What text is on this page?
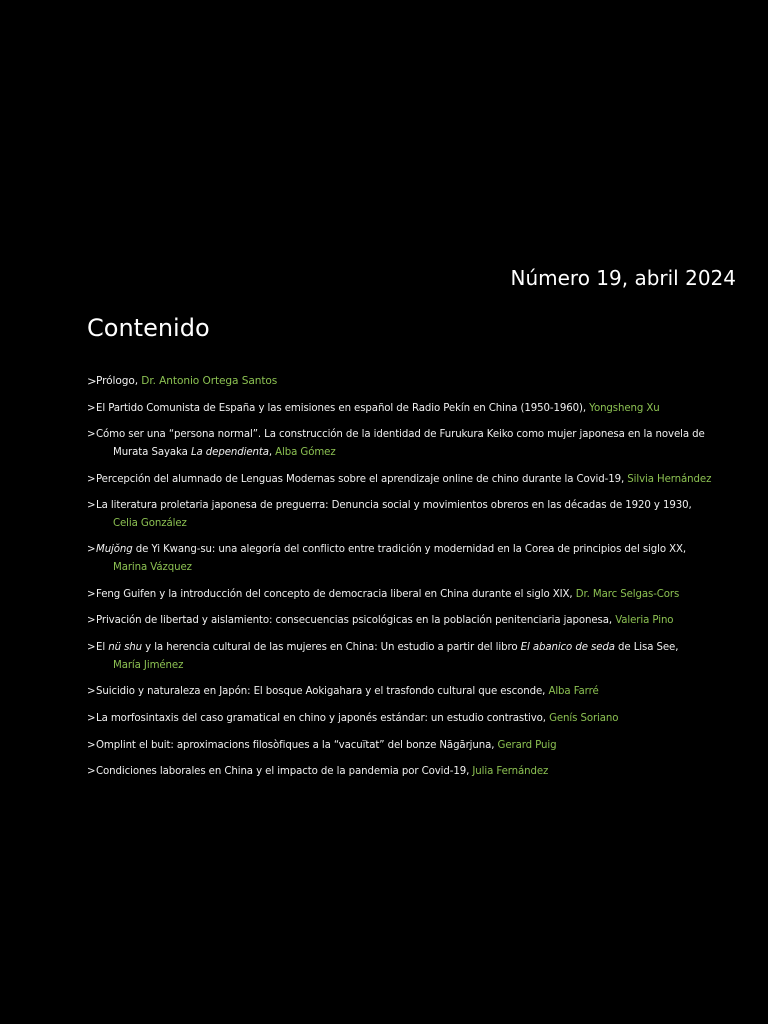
Número 19, abril 2024
Contenido
> Prólogo, Dr. Antonio Ortega Santos
> El Partido Comunista de España y las emisiones en español de Radio Pekín en China (1950-1960), Yongsheng Xu
> Cómo ser una “persona normal”. La construcción de la identidad de Furukura Keiko como mujer japonesa en la novela de
Murata Sayaka La dependienta, Alba Gómez
> Percepción del alumnado de Lenguas Modernas sobre el aprendizaje online de chino durante la Covid-19, Silvia Hernández
> La literatura proletaria japonesa de preguerra: Denuncia social y movimientos obreros en las décadas de 1920 y 1930,
Celia González
> Mujŏng de Yi Kwang-su: una alegoría del conflicto entre tradición y modernidad en la Corea de principios del siglo XX,
Marina Vázquez
> Feng Guifen y la introducción del concepto de democracia liberal en China durante el siglo XIX, Dr. Marc Selgas-Cors
> Privación de libertad y aislamiento: consecuencias psicológicas en la población penitenciaria japonesa, Valeria Pino
> El nü shu y la herencia cultural de las mujeres en China: Un estudio a partir del libro El abanico de seda de Lisa See,
María Jiménez
> Suicidio y naturaleza en Japón: El bosque Aokigahara y el trasfondo cultural que esconde, Alba Farré
> La morfosintaxis del caso gramatical en chino y japonés estándar: un estudio contrastivo, Genís Soriano
> Omplint el buit: aproximacions filosòfiques a la “vacuïtat” del bonze Nāgārjuna, Gerard Puig
> Condiciones laborales en China y el impacto de la pandemia por Covid-19, Julia Fernández
